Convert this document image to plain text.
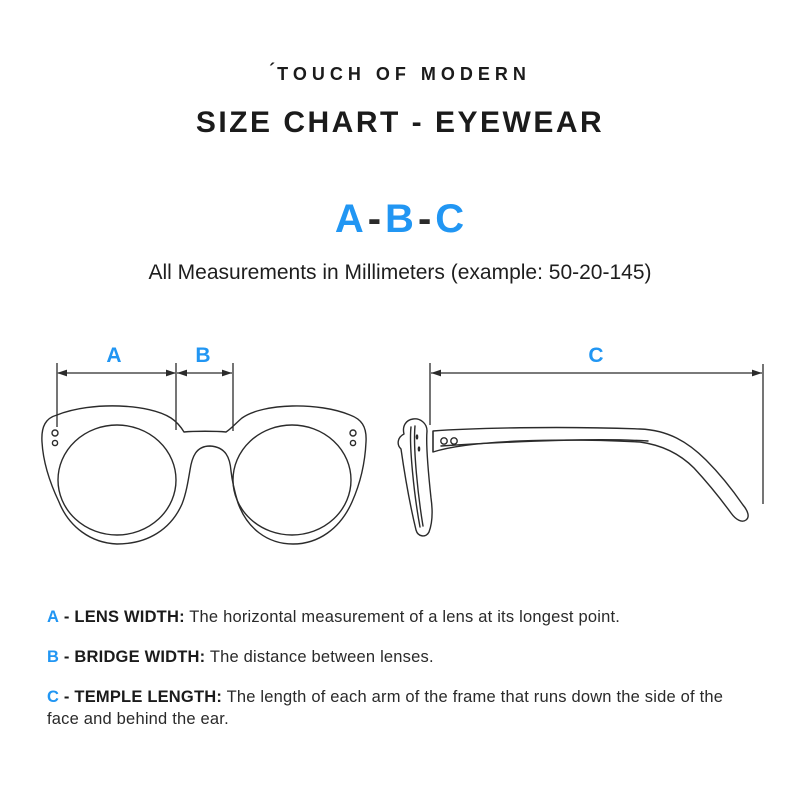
´TOUCH OF MODERN
SIZE CHART - EYEWEAR
A-B-C
All Measurements in Millimeters (example: 50-20-145)
A	B	C

A - LENS WIDTH: The horizontal measurement of a lens at its longest point.

B - BRIDGE WIDTH: The distance between lenses.

C - TEMPLE LENGTH: The length of each arm of the frame that runs down the side of the face and behind the ear.
